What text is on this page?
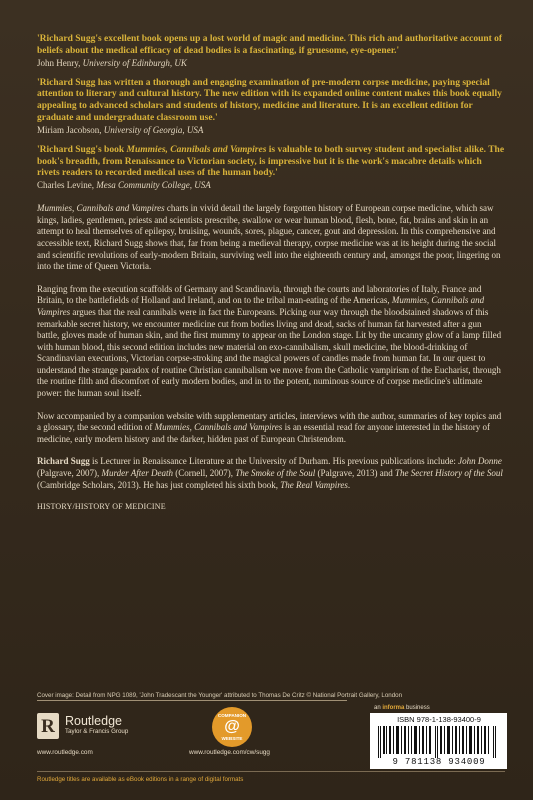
'Richard Sugg's excellent book opens up a lost world of magic and medicine. This rich and authoritative account of beliefs about the medical efficacy of dead bodies is a fascinating, if gruesome, eye-opener.'
John Henry, University of Edinburgh, UK
'Richard Sugg has written a thorough and engaging examination of pre-modern corpse medicine, paying special attention to literary and cultural history. The new edition with its expanded online content makes this book equally appealing to advanced scholars and students of history, medicine and literature. It is an excellent edition for graduate and undergraduate classroom use.'
Miriam Jacobson, University of Georgia, USA
'Richard Sugg's book Mummies, Cannibals and Vampires is valuable to both survey student and specialist alike. The book's breadth, from Renaissance to Victorian society, is impressive but it is the work's macabre details which rivets readers to recorded medical uses of the human body.'
Charles Levine, Mesa Community College, USA

Mummies, Cannibals and Vampires charts in vivid detail the largely forgotten history of European corpse medicine, which saw kings, ladies, gentlemen, priests and scientists prescribe, swallow or wear human blood, flesh, bone, fat, brains and skin in an attempt to heal themselves of epilepsy, bruising, wounds, sores, plague, cancer, gout and depression. In this comprehensive and accessible text, Richard Sugg shows that, far from being a medieval therapy, corpse medicine was at its height during the social and scientific revolutions of early-modern Britain, surviving well into the eighteenth century and, amongst the poor, lingering on into the time of Queen Victoria.

Ranging from the execution scaffolds of Germany and Scandinavia, through the courts and laboratories of Italy, France and Britain, to the battlefields of Holland and Ireland, and on to the tribal man-eating of the Americas, Mummies, Cannibals and Vampires argues that the real cannibals were in fact the Europeans. Picking our way through the bloodstained shadows of this remarkable secret history, we encounter medicine cut from bodies living and dead, sacks of human fat harvested after a gun battle, gloves made of human skin, and the first mummy to appear on the London stage. Lit by the uncanny glow of a lamp filled with human blood, this second edition includes new material on exo-cannibalism, skull medicine, the blood-drinking of Scandinavian executions, Victorian corpse-stroking and the magical powers of candles made from human fat. In our quest to understand the strange paradox of routine Christian cannibalism we move from the Catholic vampirism of the Eucharist, through the routine filth and discomfort of early modern bodies, and in to the potent, numinous source of corpse medicine's ultimate power: the human soul itself.

Now accompanied by a companion website with supplementary articles, interviews with the author, summaries of key topics and a glossary, the second edition of Mummies, Cannibals and Vampires is an essential read for anyone interested in the history of medicine, early modern history and the darker, hidden past of European Christendom.

Richard Sugg is Lecturer in Renaissance Literature at the University of Durham. His previous publications include: John Donne (Palgrave, 2007), Murder After Death (Cornell, 2007), The Smoke of the Soul (Palgrave, 2013) and The Secret History of the Soul (Cambridge Scholars, 2013). He has just completed his sixth book, The Real Vampires.

HISTORY/HISTORY OF MEDICINE
Cover image: Detail from NPG 1089, 'John Tradescant the Younger' attributed to Thomas De Critz © National Portrait Gallery, London
an informa business
R Routledge
Taylor & Francis Group
www.routledge.com
COMPANION
@
WEBSITE
www.routledge.com/cw/sugg
ISBN 978-1-138-93400-9
9 781138 934009
Routledge titles are available as eBook editions in a range of digital formats
